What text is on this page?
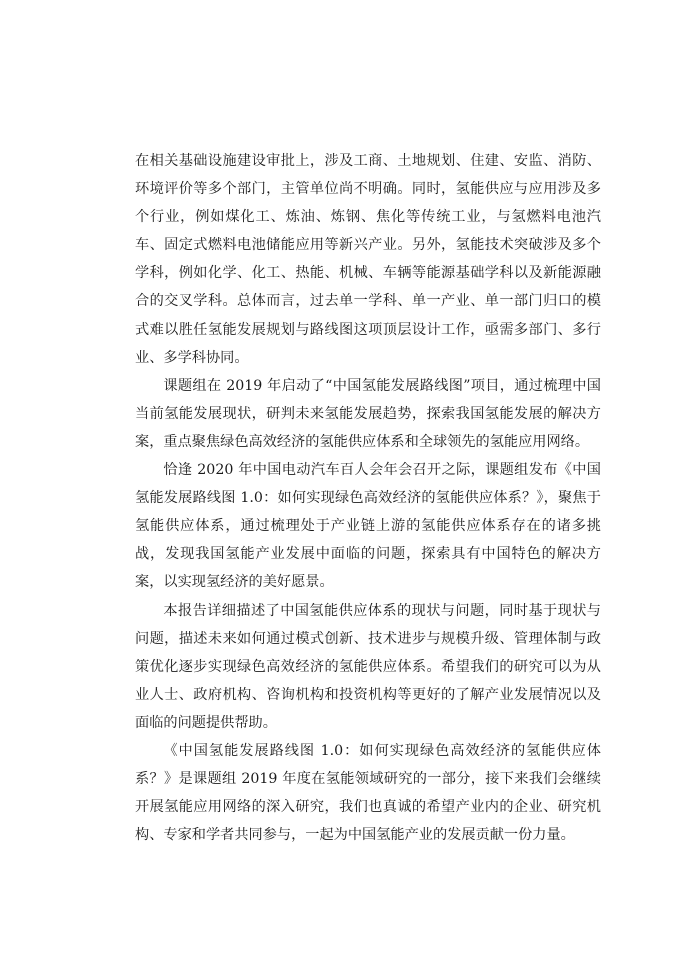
在相关基础设施建设审批上，涉及工商、土地规划、住建、安监、消防、环境评价等多个部门，主管单位尚不明确。同时，氢能供应与应用涉及多个行业，例如煤化工、炼油、炼钢、焦化等传统工业，与氢燃料电池汽车、固定式燃料电池储能应用等新兴产业。另外，氢能技术突破涉及多个学科，例如化学、化工、热能、机械、车辆等能源基础学科以及新能源融合的交叉学科。总体而言，过去单一学科、单一产业、单一部门归口的模式难以胜任氢能发展规划与路线图这项顶层设计工作，亟需多部门、多行业、多学科协同。

课题组在 2019 年启动了“中国氢能发展路线图”项目，通过梳理中国当前氢能发展现状，研判未来氢能发展趋势，探索我国氢能发展的解决方案，重点聚焦绿色高效经济的氢能供应体系和全球领先的氢能应用网络。

恰逢 2020 年中国电动汽车百人会年会召开之际，课题组发布《中国氢能发展路线图 1.0：如何实现绿色高效经济的氢能供应体系？》，聚焦于氢能供应体系，通过梳理处于产业链上游的氢能供应体系存在的诸多挑战，发现我国氢能产业发展中面临的问题，探索具有中国特色的解决方案，以实现氢经济的美好愿景。

本报告详细描述了中国氢能供应体系的现状与问题，同时基于现状与问题，描述未来如何通过模式创新、技术进步与规模升级、管理体制与政策优化逐步实现绿色高效经济的氢能供应体系。希望我们的研究可以为从业人士、政府机构、咨询机构和投资机构等更好的了解产业发展情况以及面临的问题提供帮助。

《中国氢能发展路线图 1.0：如何实现绿色高效经济的氢能供应体系？》是课题组 2019 年度在氢能领域研究的一部分，接下来我们会继续开展氢能应用网络的深入研究，我们也真诚的希望产业内的企业、研究机构、专家和学者共同参与，一起为中国氢能产业的发展贡献一份力量。
